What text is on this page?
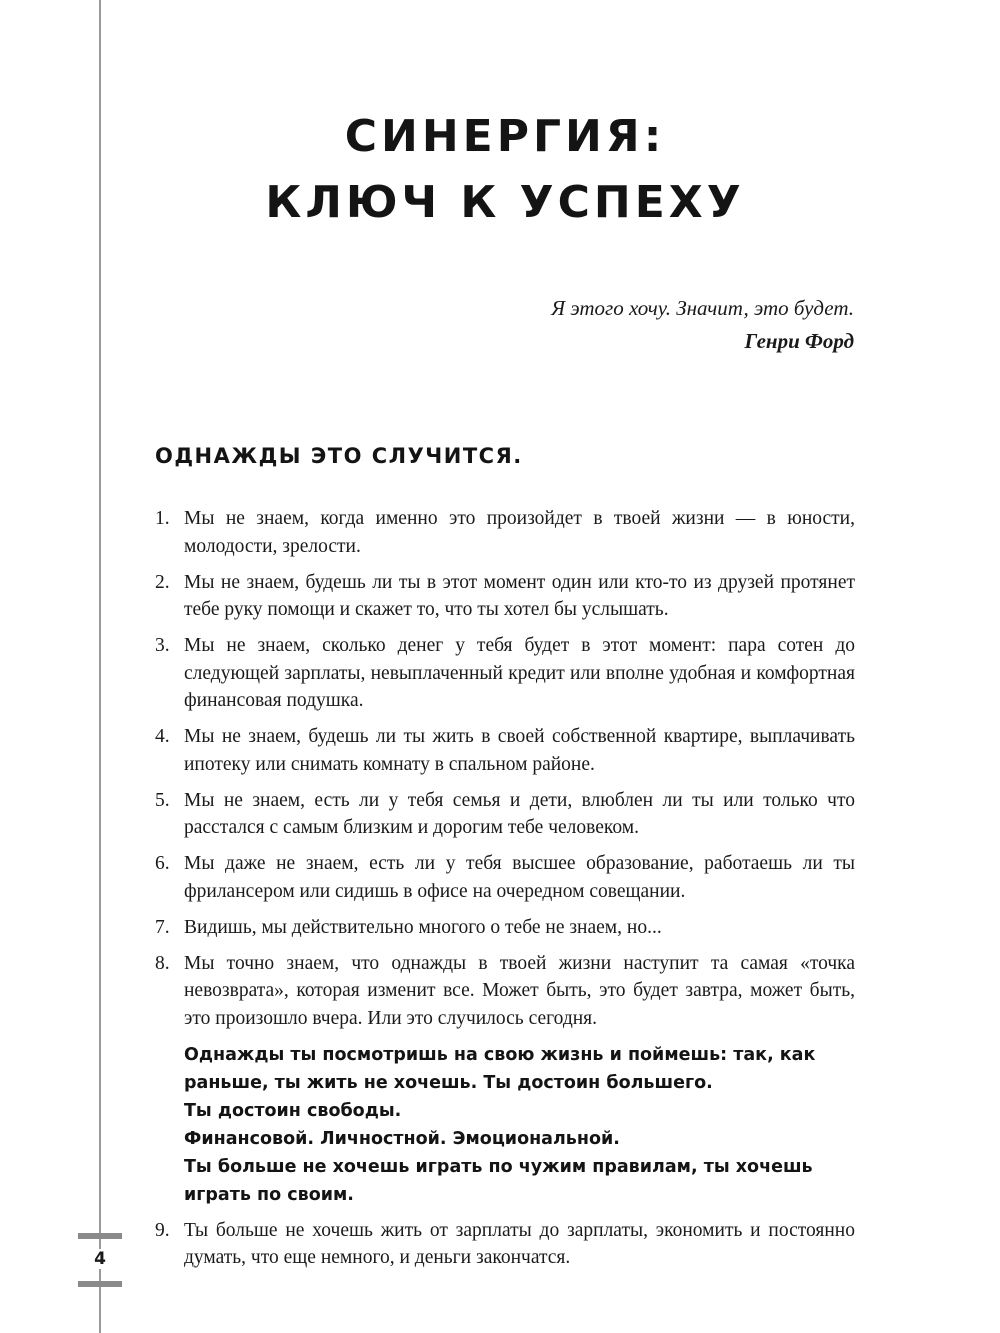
СИНЕРГИЯ:
КЛЮЧ К УСПЕХУ
Я этого хочу. Значит, это будет.
Генри Форд
ОДНАЖДЫ ЭТО СЛУЧИТСЯ.
1. Мы не знаем, когда именно это произойдет в твоей жизни — в юности, молодости, зрелости.
2. Мы не знаем, будешь ли ты в этот момент один или кто-то из друзей протянет тебе руку помощи и скажет то, что ты хотел бы услышать.
3. Мы не знаем, сколько денег у тебя будет в этот момент: пара сотен до следующей зарплаты, невыплаченный кредит или вполне удобная и комфортная финансовая подушка.
4. Мы не знаем, будешь ли ты жить в своей собственной квартире, выплачивать ипотеку или снимать комнату в спальном районе.
5. Мы не знаем, есть ли у тебя семья и дети, влюблен ли ты или только что расстался с самым близким и дорогим тебе человеком.
6. Мы даже не знаем, есть ли у тебя высшее образование, работаешь ли ты фрилансером или сидишь в офисе на очередном совещании.
7. Видишь, мы действительно многого о тебе не знаем, но...
8. Мы точно знаем, что однажды в твоей жизни наступит та самая «точка невозврата», которая изменит все. Может быть, это будет завтра, может быть, это произошло вчера. Или это случилось сегодня.
Однажды ты посмотришь на свою жизнь и поймешь: так, как раньше, ты жить не хочешь. Ты достоин большего.
Ты достоин свободы.
Финансовой. Личностной. Эмоциональной.
Ты больше не хочешь играть по чужим правилам, ты хочешь играть по своим.
9. Ты больше не хочешь жить от зарплаты до зарплаты, экономить и постоянно думать, что еще немного, и деньги закончатся.
4
